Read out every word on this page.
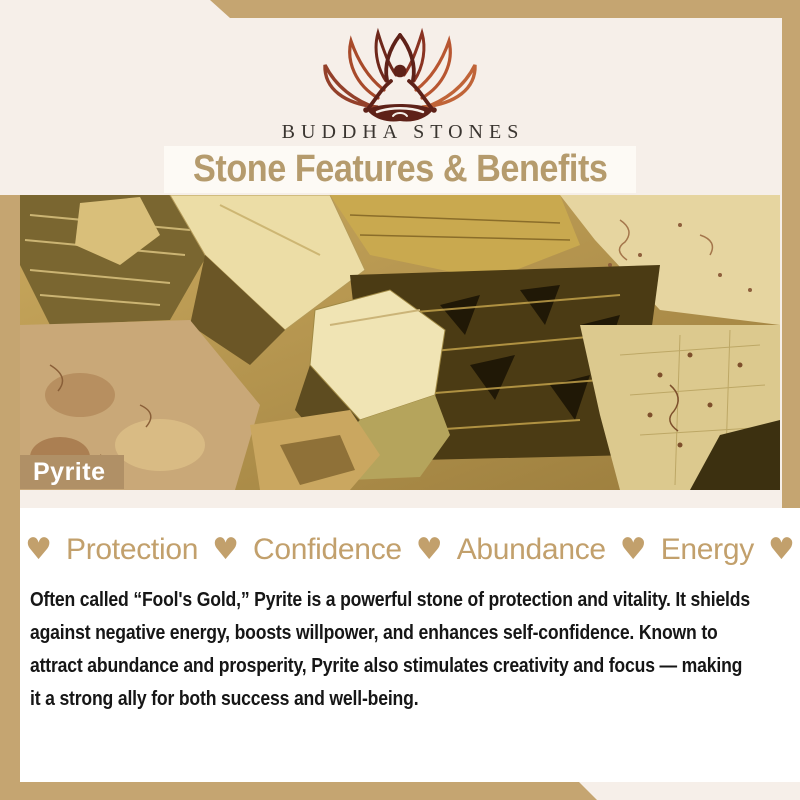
BUDDHA STONES
Stone Features & Benefits
Pyrite
♥ Protection ♥ Confidence ♥ Abundance ♥ Energy ♥
Often called “Fool's Gold,” Pyrite is a powerful stone of protection and vitality. It shields
against negative energy, boosts willpower, and enhances self-confidence. Known to
attract abundance and prosperity, Pyrite also stimulates creativity and focus — making
it a strong ally for both success and well-being.
